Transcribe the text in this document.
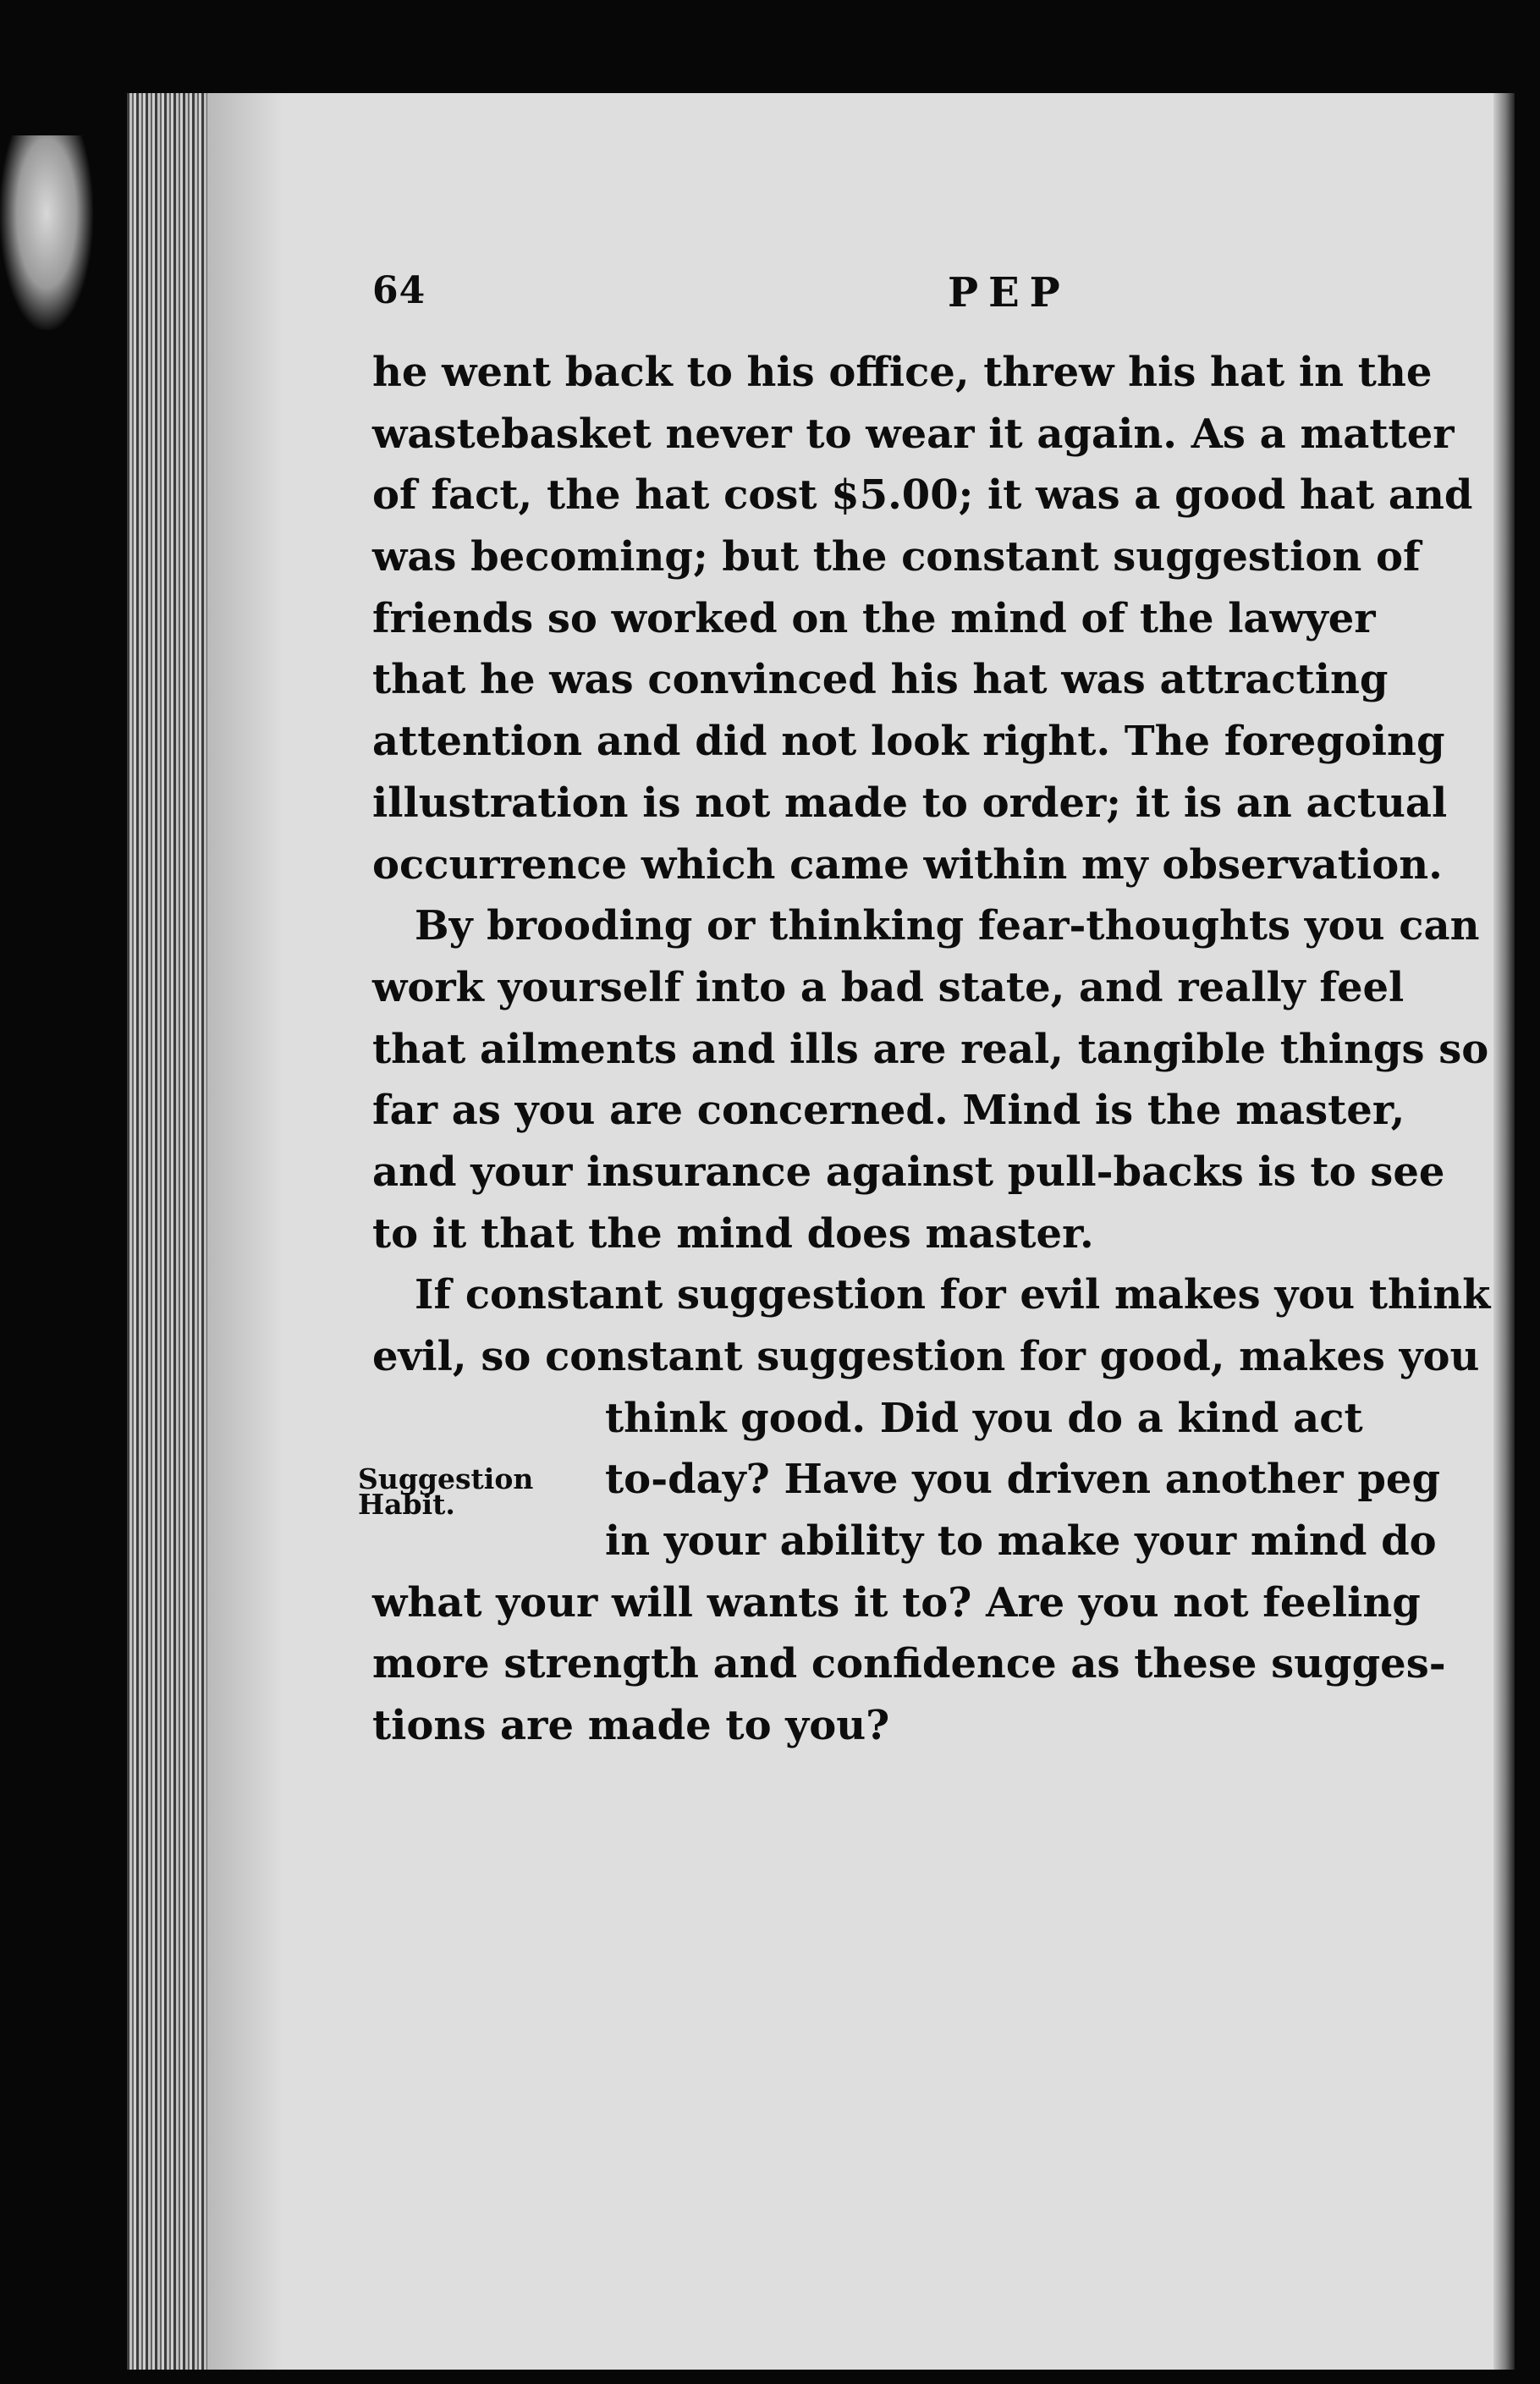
64	PEP
he went back to his office, threw his hat in the
wastebasket never to wear it again. As a matter
of fact, the hat cost $5.00; it was a good hat and
was becoming; but the constant suggestion of
friends so worked on the mind of the lawyer
that he was convinced his hat was attracting
attention and did not look right. The foregoing
illustration is not made to order; it is an actual
occurrence which came within my observation.
By brooding or thinking fear-thoughts you can
work yourself into a bad state, and really feel
that ailments and ills are real, tangible things so
far as you are concerned. Mind is the master,
and your insurance against pull-backs is to see
to it that the mind does master.
If constant suggestion for evil makes you think
evil, so constant suggestion for good, makes you
Suggestion
Habit.
think good. Did you do a kind act
to-day? Have you driven another peg
in your ability to make your mind do
what your will wants it to? Are you not feeling
more strength and confidence as these sugges-
tions are made to you?
